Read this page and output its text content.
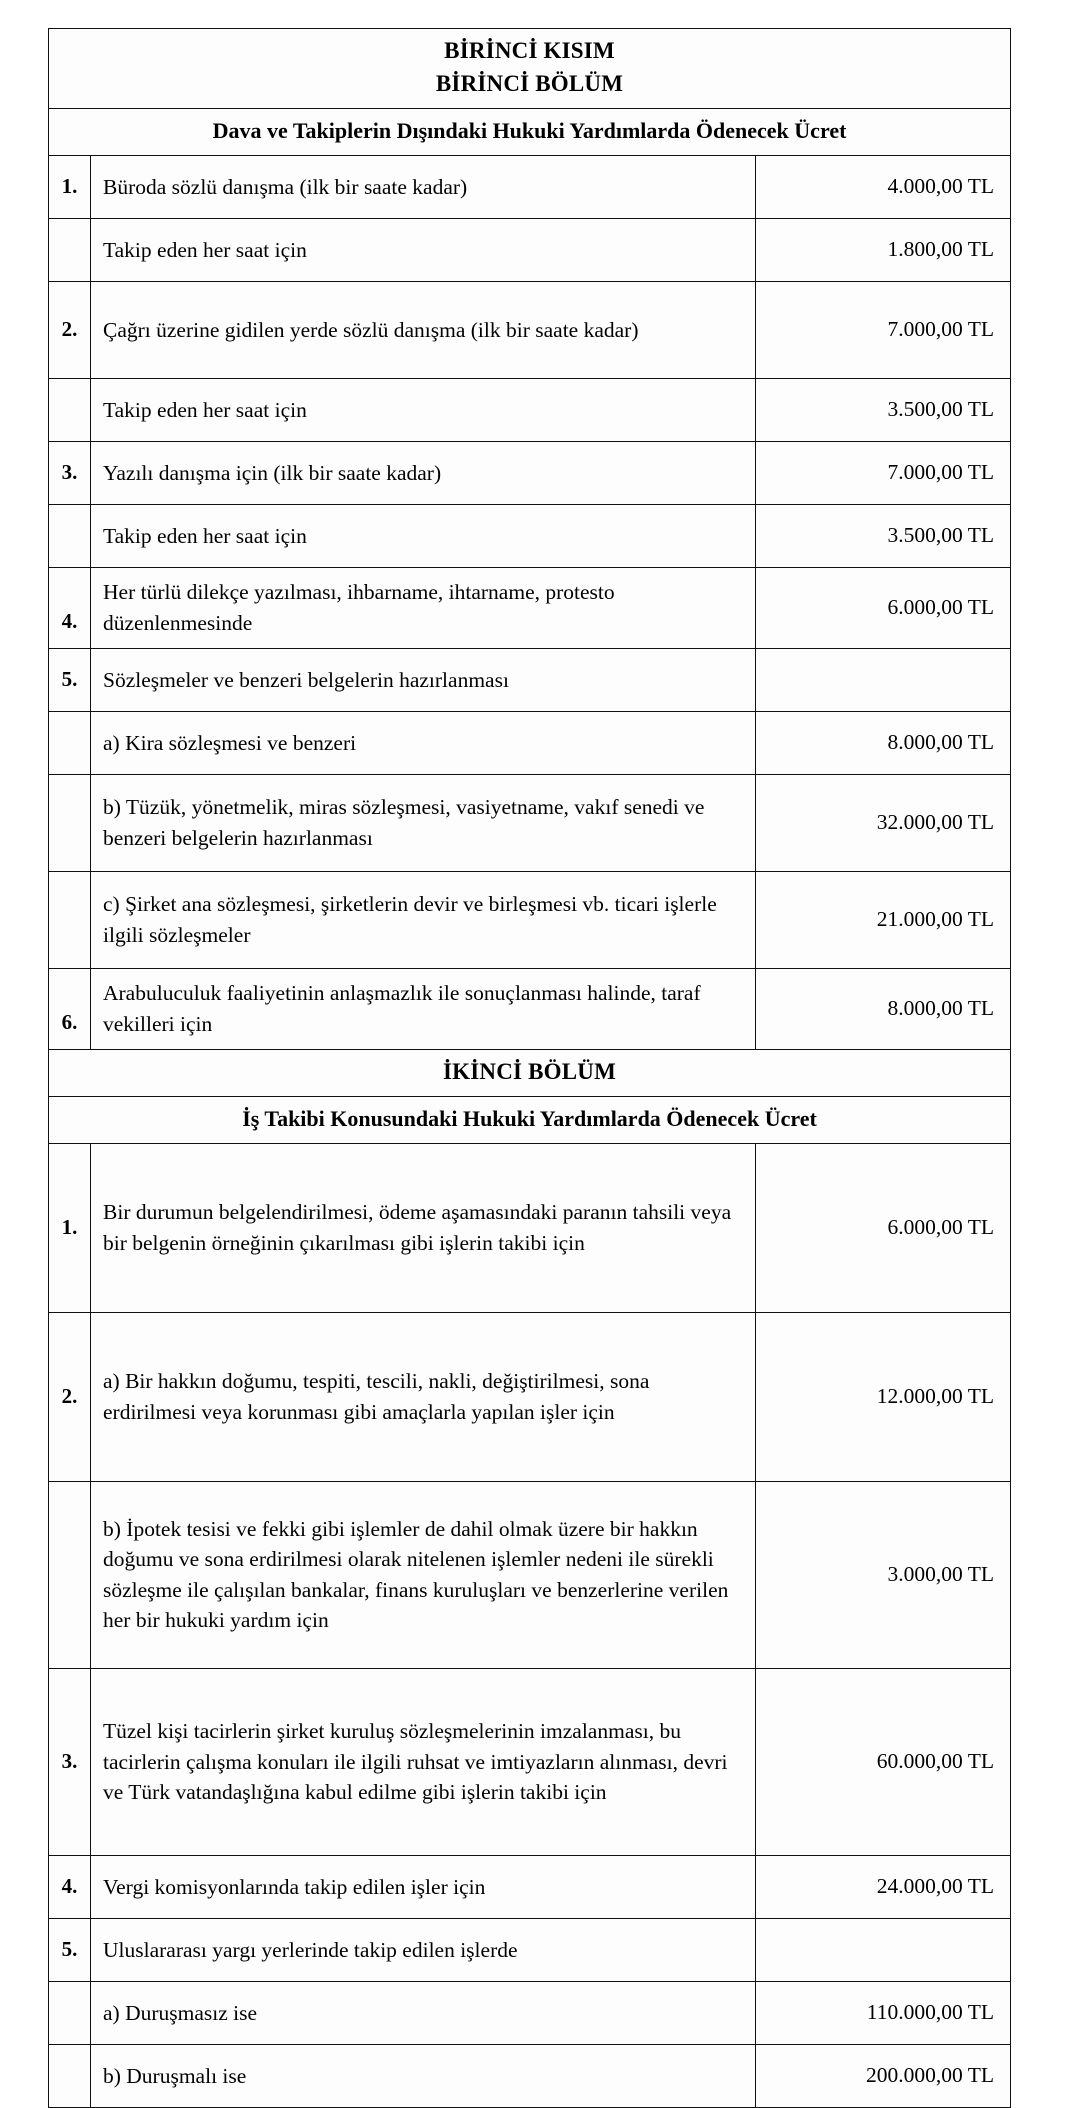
BİRİNCİ KISIM
BİRİNCİ BÖLÜM		

Dava ve Takiplerin Dışındaki Hukuki Yardımlarda Ödenecek Ücret		
1.	Büroda sözlü danışma (ilk bir saate kadar)	4.000,00 TL
	Takip eden her saat için	1.800,00 TL
2.	Çağrı üzerine gidilen yerde sözlü danışma (ilk bir saate kadar)	7.000,00 TL
	Takip eden her saat için	3.500,00 TL
3.	Yazılı danışma için (ilk bir saate kadar)	7.000,00 TL
	Takip eden her saat için	3.500,00 TL
4.	Her türlü dilekçe yazılması, ihbarname, ihtarname, protesto düzenlenmesinde	6.000,00 TL
5.	Sözleşmeler ve benzeri belgelerin hazırlanması	
	a) Kira sözleşmesi ve benzeri	8.000,00 TL
	b) Tüzük, yönetmelik, miras sözleşmesi, vasiyetname, vakıf senedi ve benzeri belgelerin hazırlanması	32.000,00 TL
	c) Şirket ana sözleşmesi, şirketlerin devir ve birleşmesi vb. ticari işlerle ilgili sözleşmeler	21.000,00 TL
6.	Arabuluculuk faaliyetinin anlaşmazlık ile sonuçlanması halinde, taraf vekilleri için	8.000,00 TL

İKİNCİ BÖLÜM		

İş Takibi Konusundaki Hukuki Yardımlarda Ödenecek Ücret		
1.	Bir durumun belgelendirilmesi, ödeme aşamasındaki paranın tahsili veya bir belgenin örneğinin çıkarılması gibi işlerin takibi için	6.000,00 TL
2.	a) Bir hakkın doğumu, tespiti, tescili, nakli, değiştirilmesi, sona erdirilmesi veya korunması gibi amaçlarla yapılan işler için	12.000,00 TL
	b) İpotek tesisi ve fekki gibi işlemler de dahil olmak üzere bir hakkın doğumu ve sona erdirilmesi olarak nitelenen işlemler nedeni ile sürekli sözleşme ile çalışılan bankalar, finans kuruluşları ve benzerlerine verilen her bir hukuki yardım için	3.000,00 TL
3.	Tüzel kişi tacirlerin şirket kuruluş sözleşmelerinin imzalanması, bu tacirlerin çalışma konuları ile ilgili ruhsat ve imtiyazların alınması, devri ve Türk vatandaşlığına kabul edilme gibi işlerin takibi için	60.000,00 TL
4.	Vergi komisyonlarında takip edilen işler için	24.000,00 TL
5.	Uluslararası yargı yerlerinde takip edilen işlerde	
	a) Duruşmasız ise	110.000,00 TL
	b) Duruşmalı ise	200.000,00 TL
